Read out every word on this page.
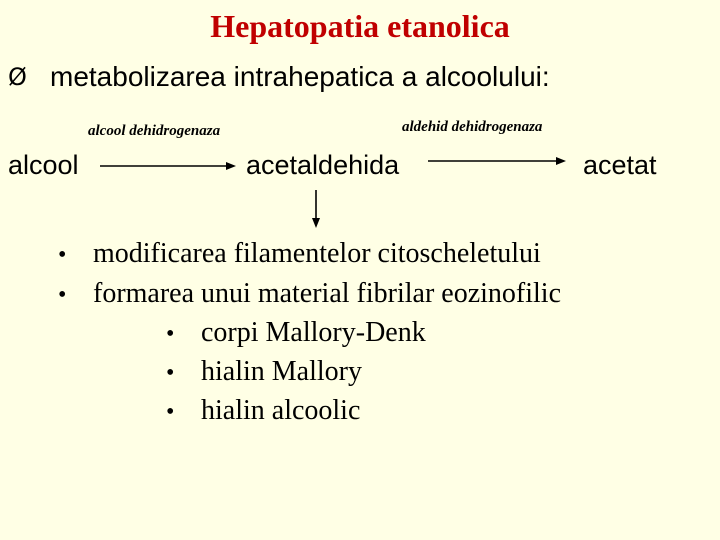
Hepatopatia etanolica
Ø metabolizarea intrahepatica a alcoolului:
alcool dehidrogenaza	aldehid dehidrogenaza
alcool	acetaldehida	acetat
• modificarea filamentelor citoscheletului
• formarea unui material fibrilar eozinofilic
• corpi Mallory-Denk
• hialin Mallory
• hialin alcoolic
